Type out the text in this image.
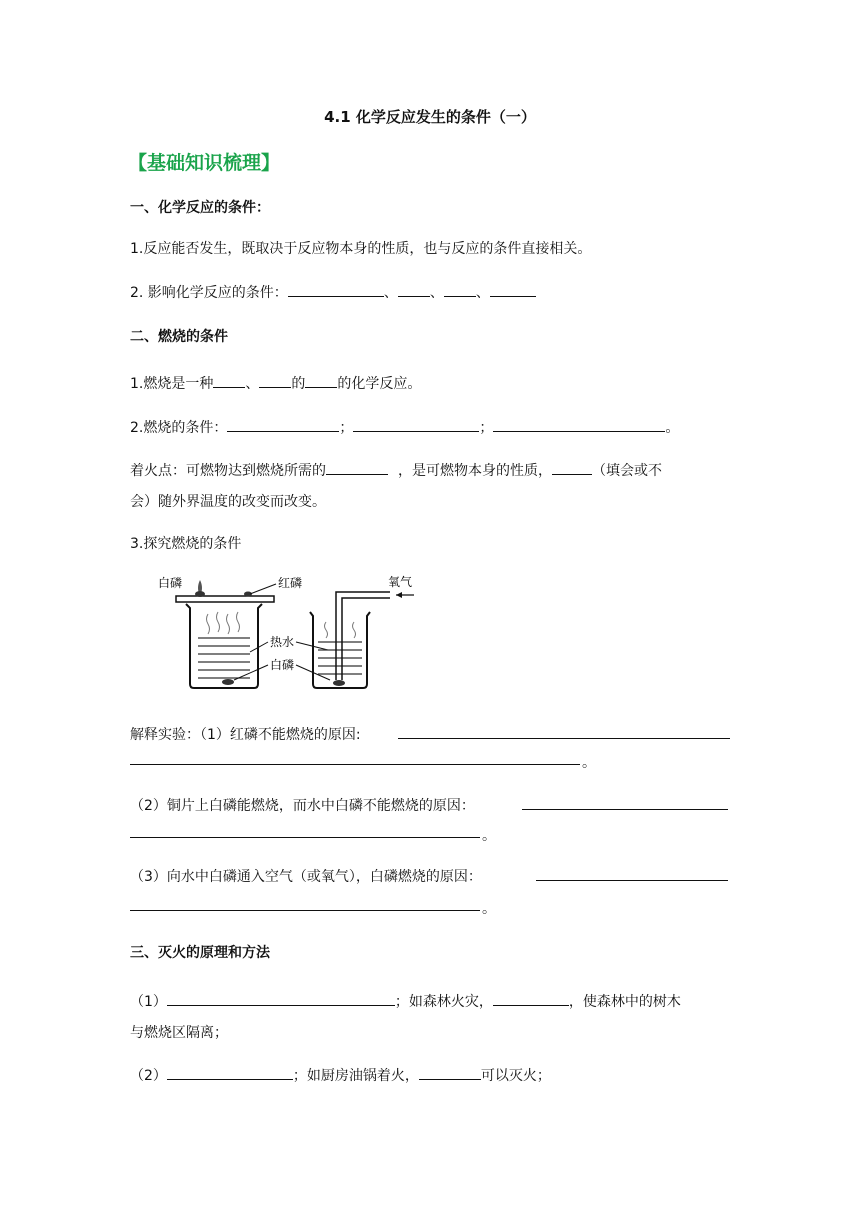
4.1 化学反应发生的条件（一）
【基础知识梳理】
一、化学反应的条件：
1.反应能否发生，既取决于反应物本身的性质，也与反应的条件直接相关。
2. 影响化学反应的条件：	、 、 、
二、燃烧的条件
1.燃烧是一种 、 的 的化学反应。
2.燃烧的条件：	；	；	。
着火点：可燃物达到燃烧所需的	，是可燃物本身的性质，	（填会或不
会）随外界温度的改变而改变。
3.探究燃烧的条件
白磷	红磷
热水
白磷
氧气
解释实验：（1）红磷不能燃烧的原因:
。
（2）铜片上白磷能燃烧，而水中白磷不能燃烧的原因：
。
（3）向水中白磷通入空气（或氧气），白磷燃烧的原因：
。
三、灭火的原理和方法
（1）	；如森林火灾，	，使森林中的树木
与燃烧区隔离；
（2）	；如厨房油锅着火，	可以灭火；
